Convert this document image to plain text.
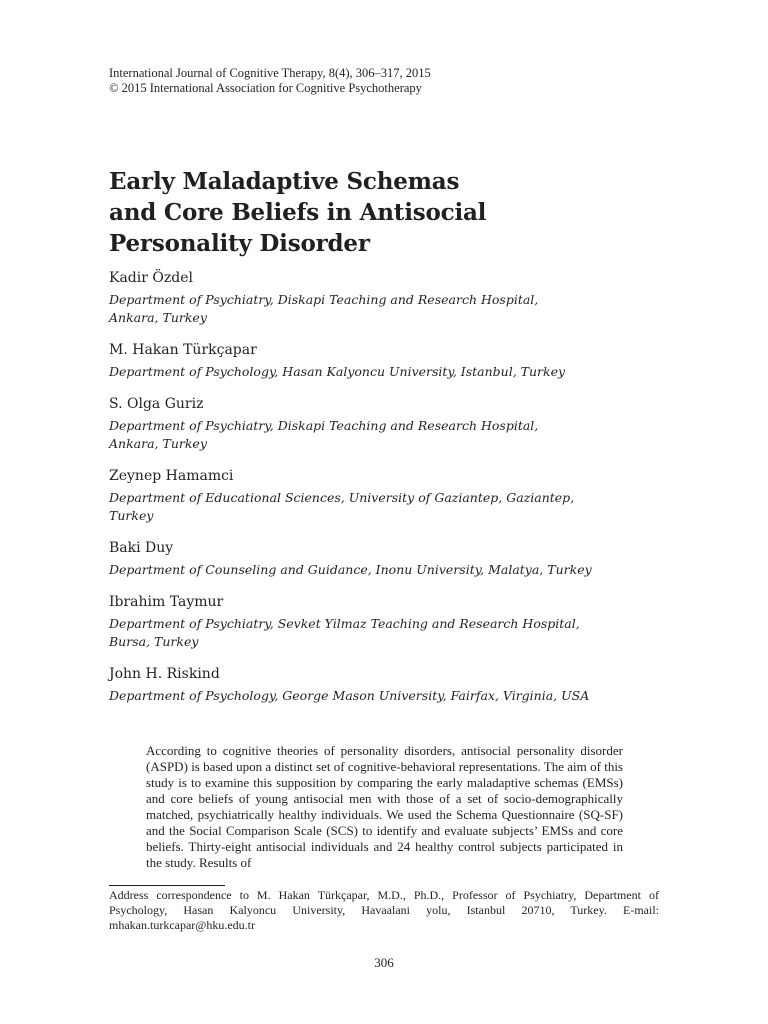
International Journal of Cognitive Therapy, 8(4), 306–317, 2015
© 2015 International Association for Cognitive Psychotherapy
Early Maladaptive Schemas
and Core Beliefs in Antisocial
Personality Disorder
Kadir Özdel
Department of Psychiatry, Diskapi Teaching and Research Hospital,
Ankara, Turkey
M. Hakan Türkçapar
Department of Psychology, Hasan Kalyoncu University, Istanbul, Turkey
S. Olga Guriz
Department of Psychiatry, Diskapi Teaching and Research Hospital,
Ankara, Turkey
Zeynep Hamamci
Department of Educational Sciences, University of Gaziantep, Gaziantep,
Turkey
Baki Duy
Department of Counseling and Guidance, Inonu University, Malatya, Turkey
Ibrahim Taymur
Department of Psychiatry, Sevket Yilmaz Teaching and Research Hospital,
Bursa, Turkey
John H. Riskind
Department of Psychology, George Mason University, Fairfax, Virginia, USA

According to cognitive theories of personality disorders, antisocial personality disorder (ASPD) is based upon a distinct set of cognitive-behavioral representations. The aim of this study is to examine this supposition by comparing the early maladaptive schemas (EMSs) and core beliefs of young antisocial men with those of a set of socio-demographically matched, psychiatrically healthy individuals. We used the Schema Questionnaire (SQ-SF) and the Social Comparison Scale (SCS) to identify and evaluate subjects’ EMSs and core beliefs. Thirty-eight antisocial individuals and 24 healthy control subjects participated in the study. Results of

Address correspondence to M. Hakan Türkçapar, M.D., Ph.D., Professor of Psychiatry, Department of Psychology, Hasan Kalyoncu University, Havaalani yolu, Istanbul 20710, Turkey. E-mail: mhakan.turkcapar@hku.edu.tr

306
